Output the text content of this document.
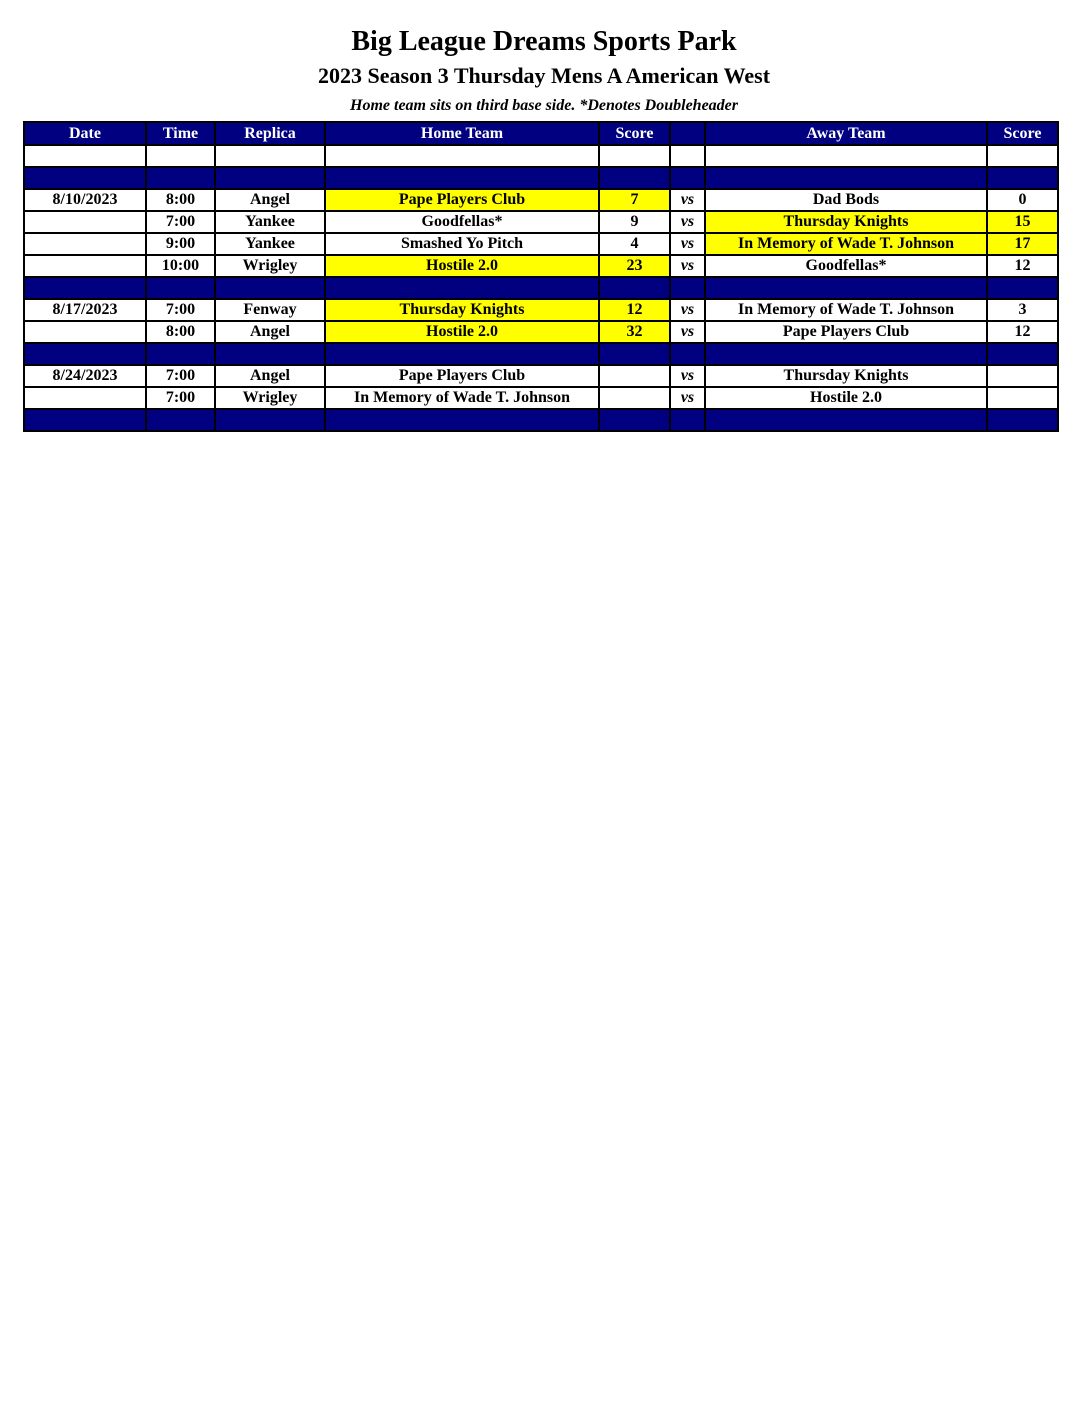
Big League Dreams Sports Park
2023 Season 3 Thursday Mens A American West
Home team sits on third base side. *Denotes Doubleheader
Date	Time	Replica	Home Team	Score		Away Team	Score

8/10/2023	8:00	Angel	Pape Players Club	7	vs	Dad Bods	0
	7:00	Yankee	Goodfellas*	9	vs	Thursday Knights	15
	9:00	Yankee	Smashed Yo Pitch	4	vs	In Memory of Wade T. Johnson	17
	10:00	Wrigley	Hostile 2.0	23	vs	Goodfellas*	12

8/17/2023	7:00	Fenway	Thursday Knights	12	vs	In Memory of Wade T. Johnson	3
	8:00	Angel	Hostile 2.0	32	vs	Pape Players Club	12

8/24/2023	7:00	Angel	Pape Players Club		vs	Thursday Knights	
	7:00	Wrigley	In Memory of Wade T. Johnson		vs	Hostile 2.0	
